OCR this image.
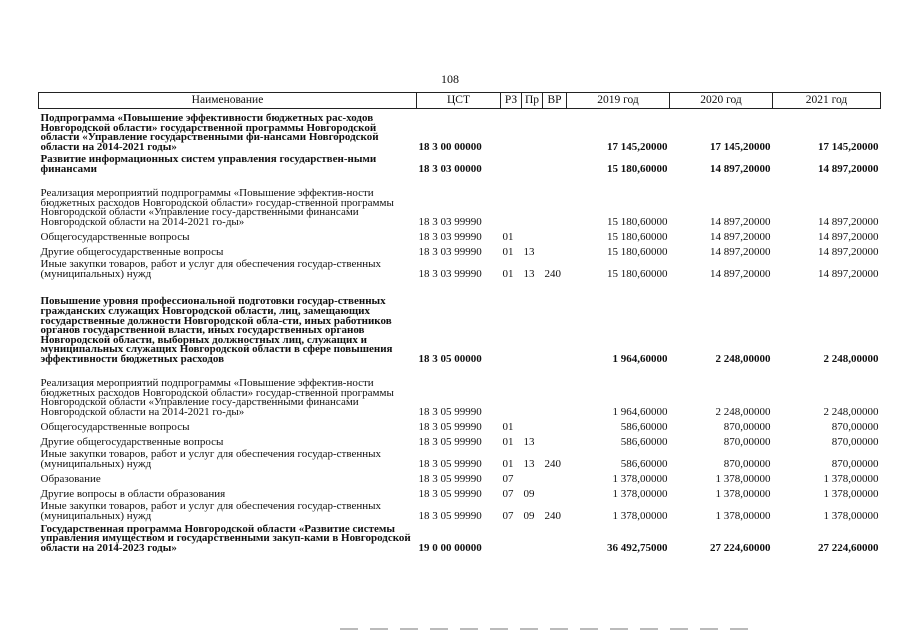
108
Наименование	ЦСТ	РЗ	Пр	ВР	2019 год	2020 год	2021 год
Подпрограмма «Повышение эффективности бюджетных рас-ходов Новгородской области» государственной программы Новгородской области «Управление государственными фи-нансами Новгородской области на 2014-2021 годы»	18 3 00 00000				17 145,20000	17 145,20000	17 145,20000
Развитие информационных систем управления государствен-ными финансами	18 3 03 00000				15 180,60000	14 897,20000	14 897,20000
Реализация мероприятий подпрограммы «Повышение эффектив-ности бюджетных расходов Новгородской области» государ-ственной программы Новгородской области «Управление госу-дарственными финансами Новгородской области на 2014-2021 го-ды»	18 3 03 99990				15 180,60000	14 897,20000	14 897,20000
Общегосударственные вопросы	18 3 03 99990	01			15 180,60000	14 897,20000	14 897,20000
Другие общегосударственные вопросы	18 3 03 99990	01	13		15 180,60000	14 897,20000	14 897,20000
Иные закупки товаров, работ и услуг для обеспечения государ-ственных (муниципальных) нужд	18 3 03 99990	01	13	240	15 180,60000	14 897,20000	14 897,20000
Повышение уровня профессиональной подготовки государ-ственных гражданских служащих Новгородской области, лиц, замещающих государственные должности Новгородской обла-сти, иных работников органов государственной власти, иных государственных органов Новгородской области, выборных должностных лиц, служащих и муниципальных служащих Новгородской области в сфере повышения эффективности бюджетных расходов	18 3 05 00000				1 964,60000	2 248,00000	2 248,00000
Реализация мероприятий подпрограммы «Повышение эффектив-ности бюджетных расходов Новгородской области» государ-ственной программы Новгородской области «Управление госу-дарственными финансами Новгородской области на 2014-2021 го-ды»	18 3 05 99990				1 964,60000	2 248,00000	2 248,00000
Общегосударственные вопросы	18 3 05 99990	01			586,60000	870,00000	870,00000
Другие общегосударственные вопросы	18 3 05 99990	01	13		586,60000	870,00000	870,00000
Иные закупки товаров, работ и услуг для обеспечения государ-ственных (муниципальных) нужд	18 3 05 99990	01	13	240	586,60000	870,00000	870,00000
Образование	18 3 05 99990	07			1 378,00000	1 378,00000	1 378,00000
Другие вопросы в области образования	18 3 05 99990	07	09		1 378,00000	1 378,00000	1 378,00000
Иные закупки товаров, работ и услуг для обеспечения государ-ственных (муниципальных) нужд	18 3 05 99990	07	09	240	1 378,00000	1 378,00000	1 378,00000
Государственная программа Новгородской области «Развитие системы управления имуществом и государственными закуп-ками в Новгородской области на 2014-2023 годы»	19 0 00 00000				36 492,75000	27 224,60000	27 224,60000
